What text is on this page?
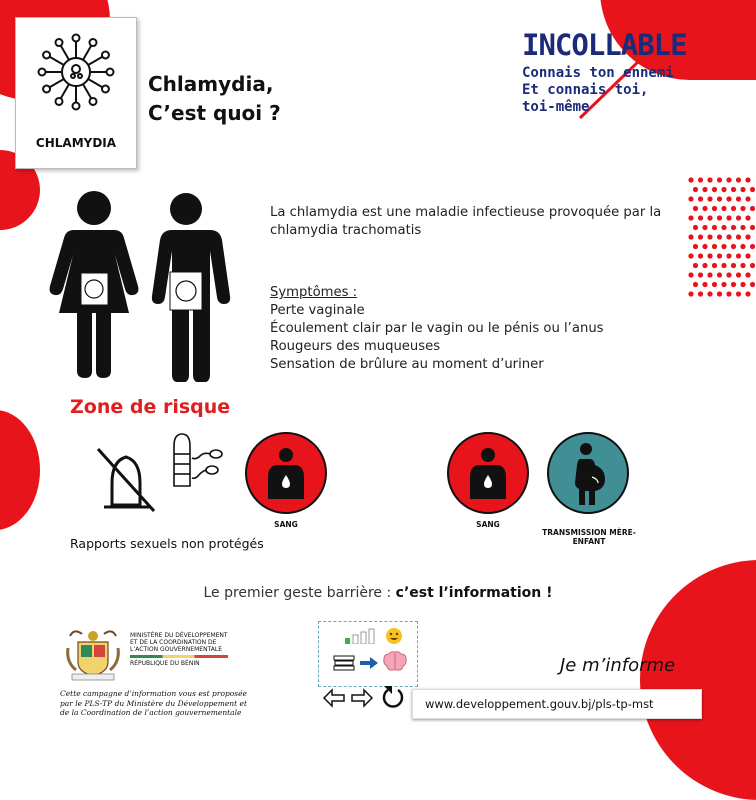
CHLAMYDIA
Chlamydia,
C’est quoi ?
INCOLLABLE
Connais ton ennemi
Et connais toi,
toi-même
La chlamydia est une maladie infectieuse provoquée par la chlamydia trachomatis
Symptômes :
Perte vaginale
Écoulement clair par le vagin ou le pénis ou l’anus
Rougeurs des muqueuses
Sensation de brûlure au moment d’uriner
Zone de risque
SANG
Rapports sexuels non protégés
SANG
TRANSMISSION MÈRE-ENFANT
Le premier geste barrière : c’est l’information !
MINISTÈRE DU DÉVELOPPEMENT
ET DE LA COORDINATION DE
L’ACTION GOUVERNEMENTALE
RÉPUBLIQUE DU BÉNIN
Cette campagne d’information vous est proposée
par le PLS-TP du Ministère du Développement et
de la Coordination de l’action gouvernementale
Je m’informe
www.developpement.gouv.bj/pls-tp-mst
